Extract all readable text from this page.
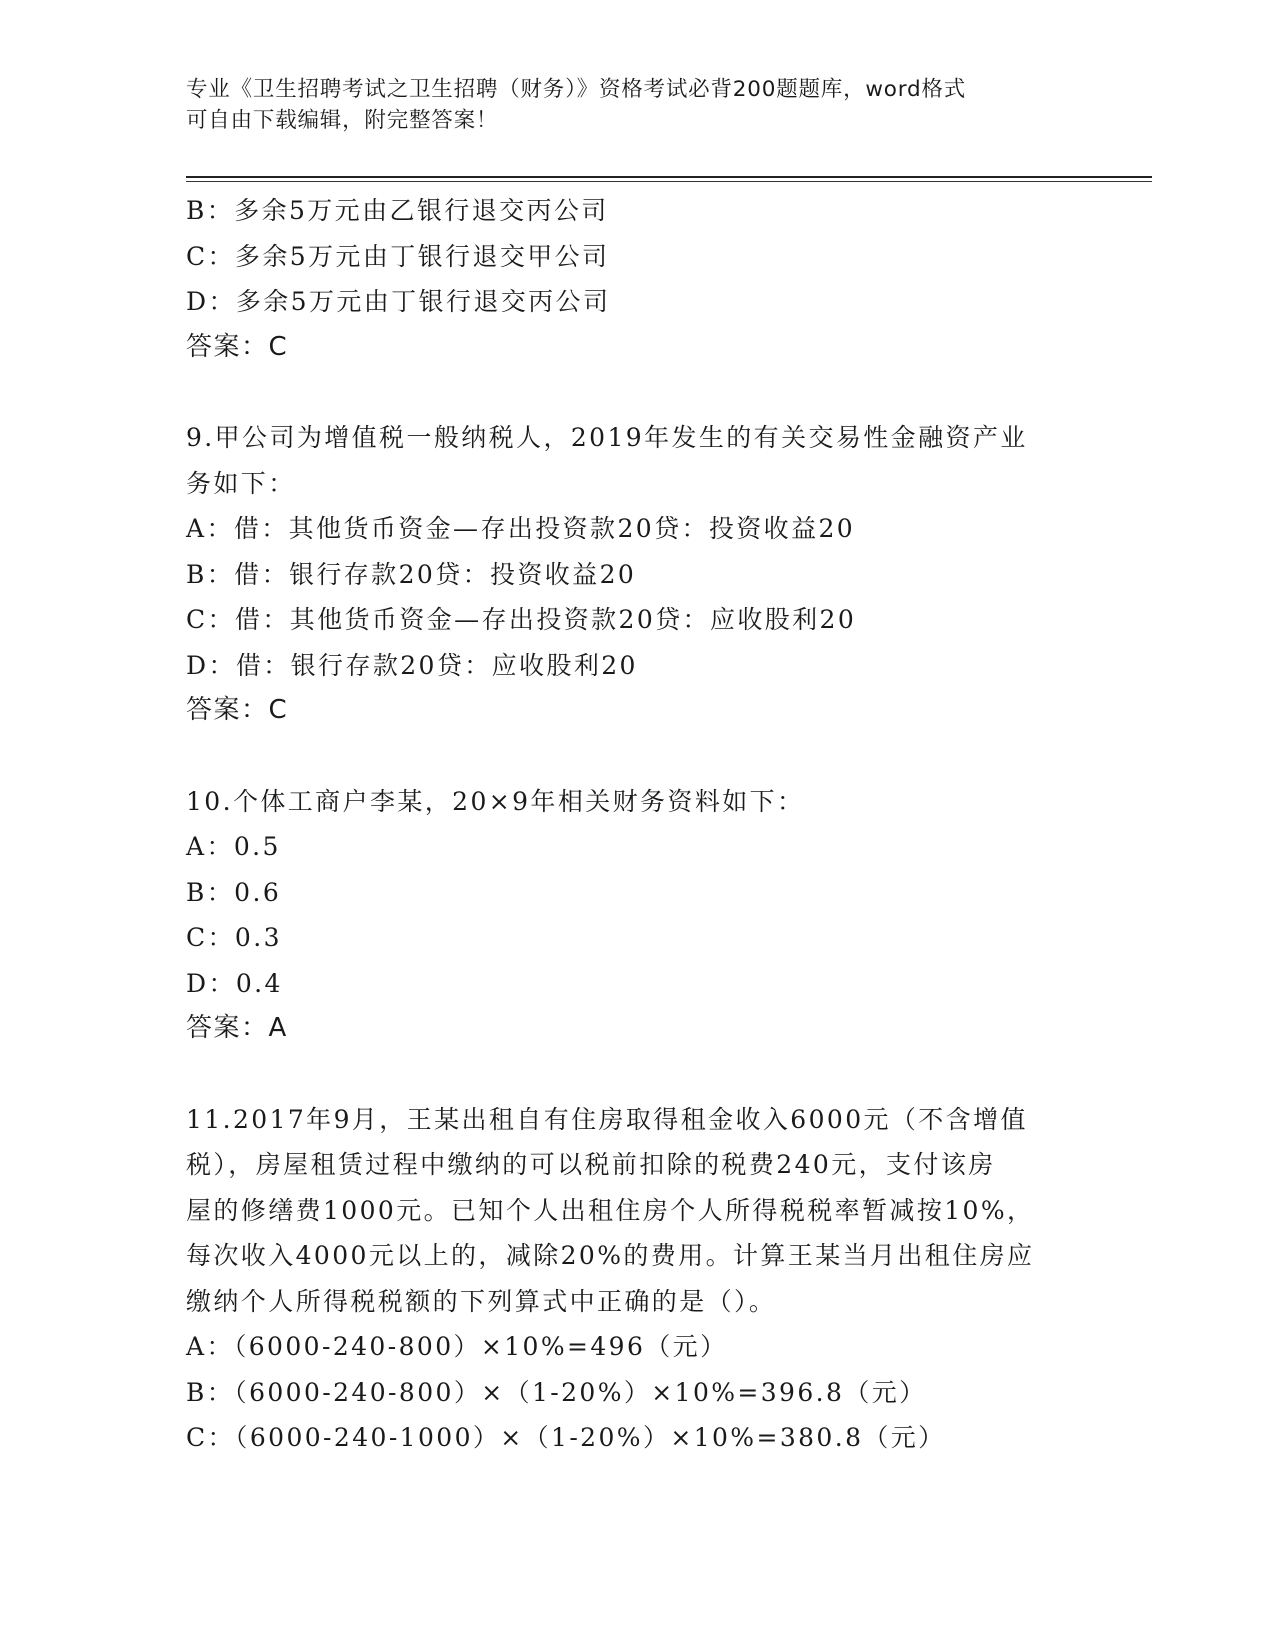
专业《卫生招聘考试之卫生招聘（财务）》资格考试必背200题题库，word格式
可自由下载编辑，附完整答案！
B：多余5万元由乙银行退交丙公司
C：多余5万元由丁银行退交甲公司
D：多余5万元由丁银行退交丙公司
答案：C
9.甲公司为增值税一般纳税人，2019年发生的有关交易性金融资产业
务如下：
A：借：其他货币资金—存出投资款20贷：投资收益20
B：借：银行存款20贷：投资收益20
C：借：其他货币资金—存出投资款20贷：应收股利20
D：借：银行存款20贷：应收股利20
答案：C
10.个体工商户李某，20×9年相关财务资料如下：
A：0.5
B：0.6
C：0.3
D：0.4
答案：A
11.2017年9月，王某出租自有住房取得租金收入6000元（不含增值
税），房屋租赁过程中缴纳的可以税前扣除的税费240元，支付该房
屋的修缮费1000元。已知个人出租住房个人所得税税率暂减按10%，
每次收入4000元以上的，减除20%的费用。计算王某当月出租住房应
缴纳个人所得税税额的下列算式中正确的是（）。
A：（6000-240-800）×10%=496（元）
B：（6000-240-800）×（1-20%）×10%=396.8（元）
C：（6000-240-1000）×（1-20%）×10%=380.8（元）
